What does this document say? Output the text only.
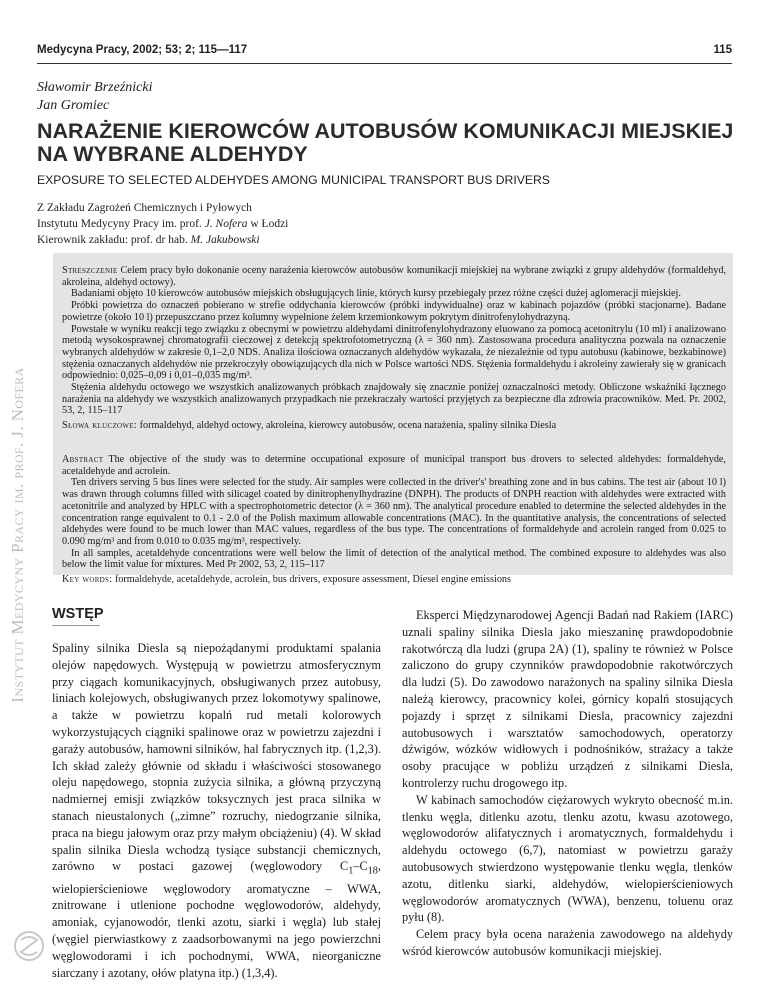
Medycyna Pracy, 2002; 53; 2; 115—117	115
Sławomir Brzeźnicki
Jan Gromiec
NARAŻENIE KIEROWCÓW AUTOBUSÓW KOMUNIKACJI MIEJSKIEJ
NA WYBRANE ALDEHYDY
EXPOSURE TO SELECTED ALDEHYDES AMONG MUNICIPAL TRANSPORT BUS DRIVERS
Z Zakładu Zagrożeń Chemicznych i Pyłowych
Instytutu Medycyny Pracy im. prof. J. Nofera w Łodzi
Kierownik zakładu: prof. dr hab. M. Jakubowski

Streszczenie Celem pracy było dokonanie oceny narażenia kierowców autobusów komunikacji miejskiej na wybrane związki z grupy aldehydów (formaldehyd, akroleina, aldehyd octowy).

Badaniami objęto 10 kierowców autobusów miejskich obsługujących linie, których kursy przebiegały przez różne części dużej aglomeracji miejskiej.

Próbki powietrza do oznaczeń pobierano w strefie oddychania kierowców (próbki indywidualne) oraz w kabinach pojazdów (próbki stacjonarne). Badane powietrze (około 10 l) przepuszczano przez kolumny wypełnione żelem krzemionkowym pokrytym dinitrofenylohydrazyną.

Powstałe w wyniku reakcji tego związku z obecnymi w powietrzu aldehydami dinitrofenylohydrazony eluowano za pomocą acetonitrylu (10 ml) i analizowano metodą wysokosprawnej chromatografii cieczowej z detekcją spektrofotometryczną (λ = 360 nm). Zastosowana procedura analityczna pozwala na oznaczenie wybranych aldehydów w zakresie 0,1–2,0 NDS. Analiza ilościowa oznaczanych aldehydów wykazała, że niezależnie od typu autobusu (kabinowe, bezkabinowe) stężenia oznaczanych aldehydów nie przekroczyły obowiązujących dla nich w Polsce wartości NDS. Stężenia formaldehydu i akroleiny zawierały się w granicach odpowiednio: 0,025–0,09 i 0,01–0,035 mg/m³.

Stężenia aldehydu octowego we wszystkich analizowanych próbkach znajdowały się znacznie poniżej oznaczalności metody. Obliczone wskaźniki łącznego narażenia na aldehydy we wszystkich analizowanych przypadkach nie przekraczały wartości przyjętych za bezpieczne dla zdrowia pracowników. Med. Pr. 2002, 53, 2, 115–117

Słowa kluczowe: formaldehyd, aldehyd octowy, akroleina, kierowcy autobusów, ocena narażenia, spaliny silnika Diesla

Abstract The objective of the study was to determine occupational exposure of municipal transport bus drovers to selected aldehydes: formaldehyde, acetaldehyde and acrolein.

Ten drivers serving 5 bus lines were selected for the study. Air samples were collected in the driver's' breathing zone and in bus cabins. The test air (about 10 l) was drawn through columns filled with silicagel coated by dinitrophenylhydrazine (DNPH). The products of DNPH reaction with aldehydes were extracted with acetonitrile and analyzed by HPLC with a spectrophotometric detector (λ = 360 nm). The analytical procedure enabled to determine the selected aldehydes in the concentration range equivalent to 0.1 - 2.0 of the Polish maximum allowable concentrations (MAC). In the quantitative analysis, the concentrations of selected aldehydes were found to be much lower than MAC values, regardless of the bus type. The concentrations of formaldehyde and acrolein ranged from 0.025 to 0.090 mg/m³ and from 0.010 to 0.035 mg/m³, respectively.

In all samples, acetaldehyde concentrations were well below the limit of detection of the analytical method. The combined exposure to aldehydes was also below the limit value for mixtures. Med Pr 2002, 53, 2, 115–117

Key words: formaldehyde, acetaldehyde, acrolein, bus drivers, exposure assessment, Diesel engine emissions

Instytut Medycyny Pracy im. prof. J. Nofera WSTĘP

Spaliny silnika Diesla są niepożądanymi produktami spalania olejów napędowych. Występują w powietrzu atmosferycznym przy ciągach komunikacyjnych, obsługiwanych przez autobusy, liniach kolejowych, obsługiwanych przez lokomotywy spalinowe, a także w powietrzu kopalń rud metali kolorowych wykorzystujących ciągniki spalinowe oraz w powietrzu zajezdni i garaży autobusów, hamowni silników, hal fabrycznych itp. (1,2,3). Ich skład zależy głównie od składu i właściwości stosowanego oleju napędowego, stopnia zużycia silnika, a główną przyczyną nadmiernej emisji związków toksycznych jest praca silnika w stanach nieustalonych („zimne” rozruchy, niedogrzanie silnika, praca na biegu jałowym oraz przy małym obciążeniu) (4). W skład spalin silnika Diesla wchodzą tysiące substancji chemicznych, zarówno w postaci gazowej (węglowodory $C_1-C_{18}$, wielopierścieniowe węglowodory aromatyczne – WWA, znitrowane i utlenione pochodne węglowodorów, aldehydy, amoniak, cyjanowodór, tlenki azotu, siarki i węgla) lub stałej (węgiel pierwiastkowy z zaadsorbowanymi na jego powierzchni węglowodorami i ich pochodnymi, WWA, nieorganiczne siarczany i azotany, ołów platyna itp.) (1,3,4).

Eksperci Międzynarodowej Agencji Badań nad Rakiem (IARC) uznali spaliny silnika Diesla jako mieszaninę prawdopodobnie rakotwórczą dla ludzi (grupa 2A) (1), spaliny te również w Polsce zaliczono do grupy czynników prawdopodobnie rakotwórczych dla ludzi (5). Do zawodowo narażonych na spaliny silnika Diesla należą kierowcy, pracownicy kolei, górnicy kopalń stosujących pojazdy i sprzęt z silnikami Diesla, pracownicy zajezdni autobusowych i warsztatów samochodowych, operatorzy dźwigów, wózków widłowych i podnośników, strażacy a także osoby pracujące w pobliżu urządzeń z silnikami Diesla, kontrolerzy ruchu drogowego itp.

W kabinach samochodów ciężarowych wykryto obecność m.in. tlenku węgla, ditlenku azotu, tlenku azotu, kwasu azotowego, węglowodorów alifatycznych i aromatycznych, formaldehydu i aldehydu octowego (6,7), natomiast w powietrzu garaży autobusowych stwierdzono występowanie tlenku węgla, tlenków azotu, ditlenku siarki, aldehydów, wielopierścieniowych węglowodorów aromatycznych (WWA), benzenu, toluenu oraz pyłu (8).

Celem pracy była ocena narażenia zawodowego na aldehydy wśród kierowców autobusów komunikacji miejskiej.
